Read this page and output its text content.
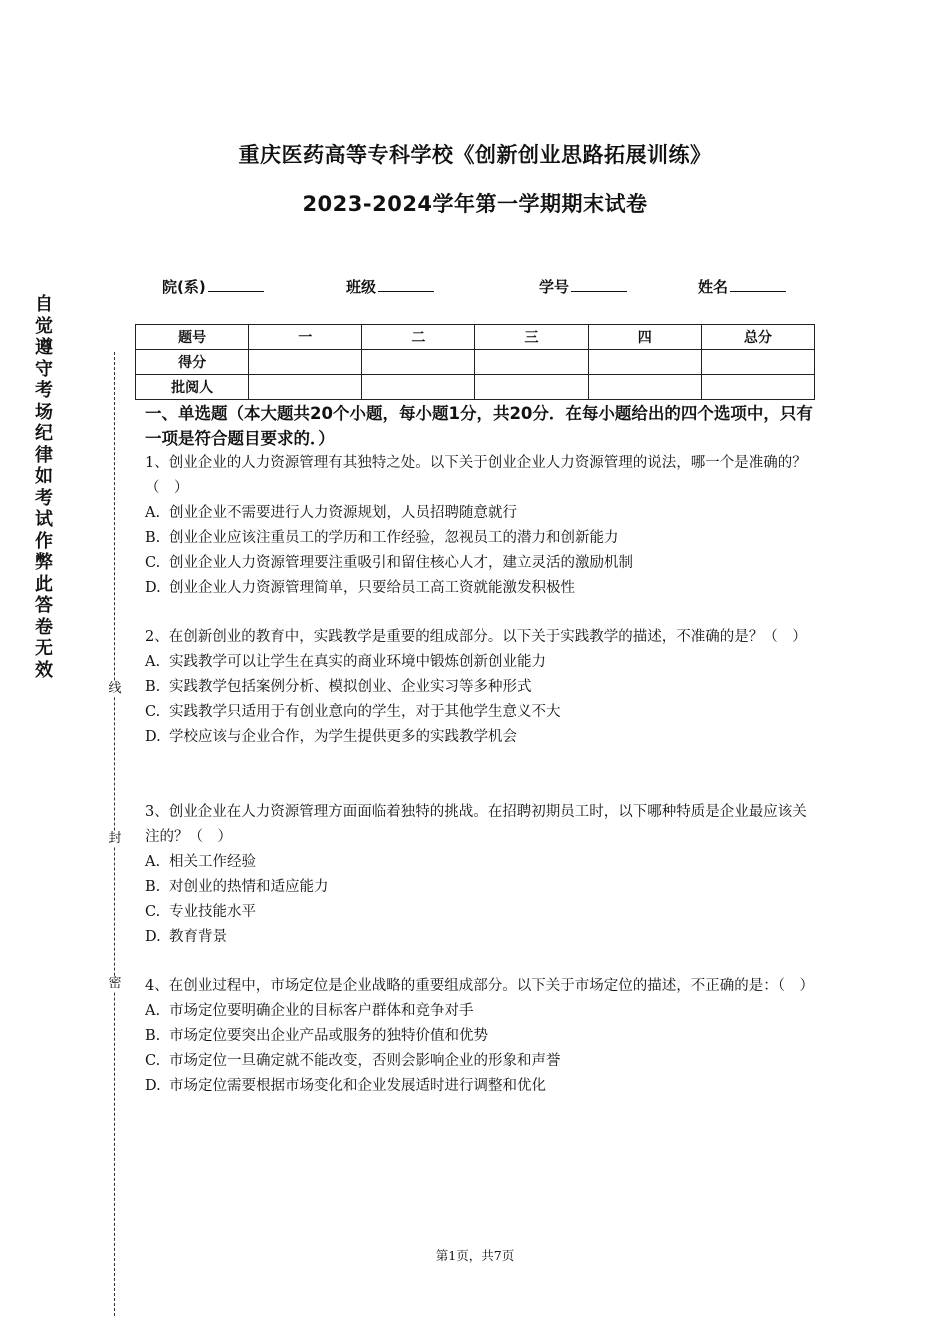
重庆医药高等专科学校《创新创业思路拓展训练》
2023-2024学年第一学期期末试卷
院(系)	班级	学号	姓名
题号	一	二	三	四	总分
得分					
批阅人					
自
觉
遵
守
考
场
纪
律
如
考
试
作
弊
此
答
卷
无
效
线
封
密
一、单选题（本大题共20个小题，每小题1分，共20分．在每小题给出的四个选项中，只有一项是符合题目要求的．）
1、创业企业的人力资源管理有其独特之处。以下关于创业企业人力资源管理的说法，哪一个是准确的？（　）
A. 创业企业不需要进行人力资源规划，人员招聘随意就行
B. 创业企业应该注重员工的学历和工作经验，忽视员工的潜力和创新能力
C. 创业企业人力资源管理要注重吸引和留住核心人才，建立灵活的激励机制
D. 创业企业人力资源管理简单，只要给员工高工资就能激发积极性
2、在创新创业的教育中，实践教学是重要的组成部分。以下关于实践教学的描述，不准确的是？（　）
A. 实践教学可以让学生在真实的商业环境中锻炼创新创业能力
B. 实践教学包括案例分析、模拟创业、企业实习等多种形式
C. 实践教学只适用于有创业意向的学生，对于其他学生意义不大
D. 学校应该与企业合作，为学生提供更多的实践教学机会
3、创业企业在人力资源管理方面面临着独特的挑战。在招聘初期员工时，以下哪种特质是企业最应该关注的？（　）
A. 相关工作经验
B. 对创业的热情和适应能力
C. 专业技能水平
D. 教育背景
4、在创业过程中，市场定位是企业战略的重要组成部分。以下关于市场定位的描述，不正确的是：（　）
A. 市场定位要明确企业的目标客户群体和竞争对手
B. 市场定位要突出企业产品或服务的独特价值和优势
C. 市场定位一旦确定就不能改变，否则会影响企业的形象和声誉
D. 市场定位需要根据市场变化和企业发展适时进行调整和优化
第1页，共7页
